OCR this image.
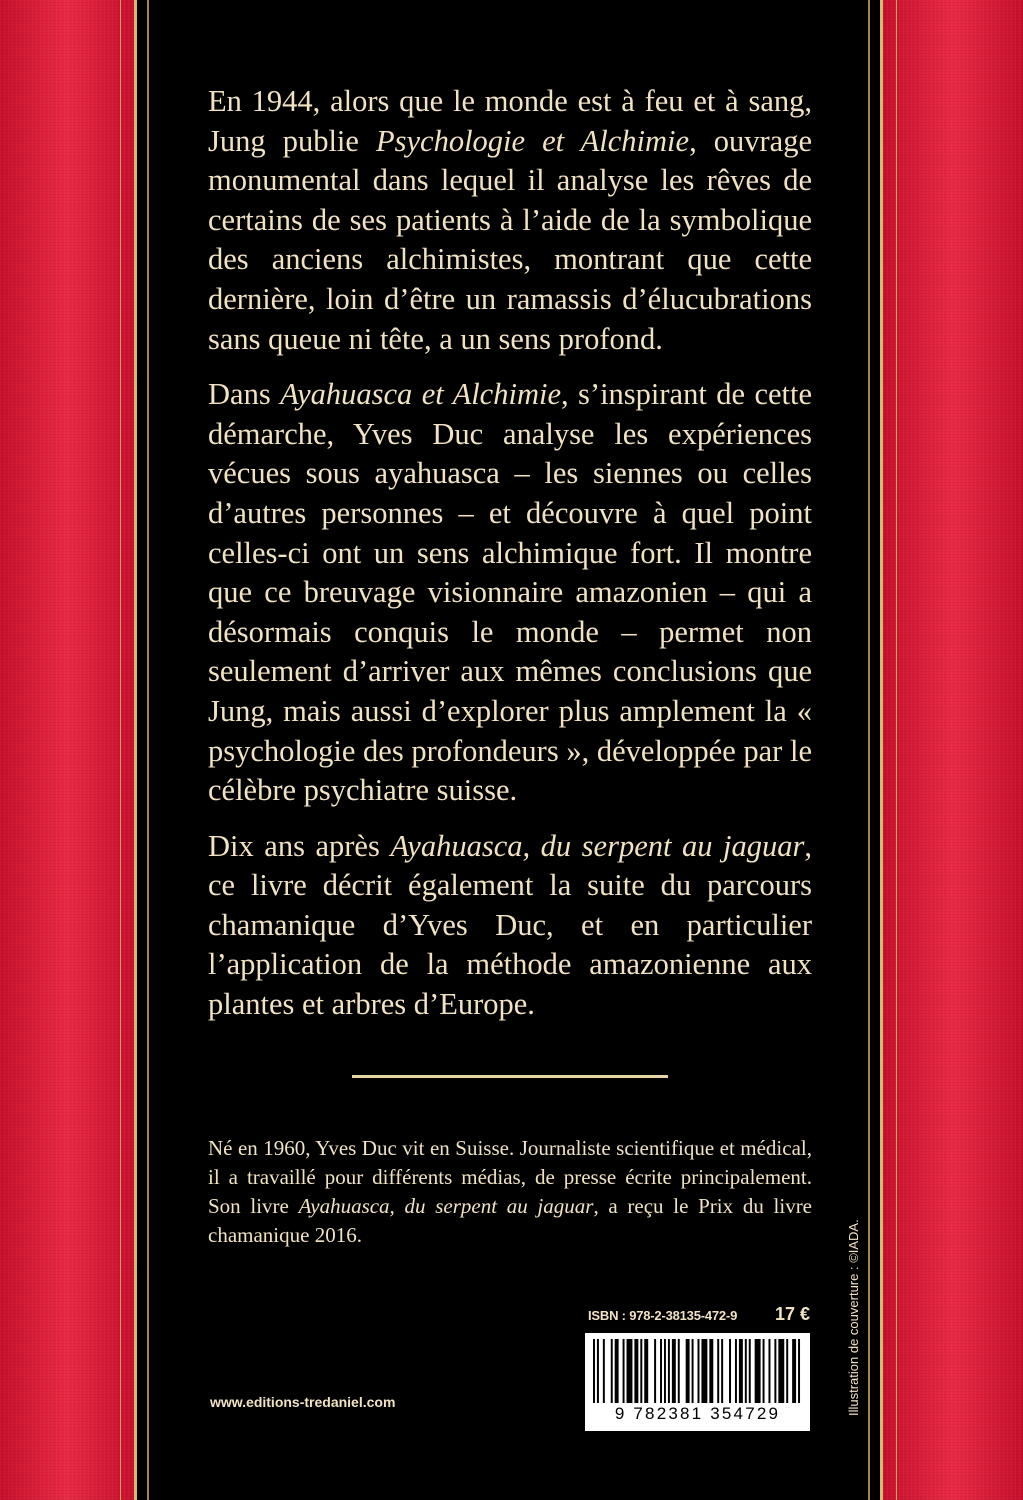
En 1944, alors que le monde est à feu et à sang, Jung publie Psychologie et Alchimie, ouvrage monumental dans lequel il analyse les rêves de certains de ses patients à l’aide de la symbolique des anciens alchimistes, montrant que cette dernière, loin d’être un ramassis d’élucubrations sans queue ni tête, a un sens profond.

Dans Ayahuasca et Alchimie, s’inspirant de cette démarche, Yves Duc analyse les expériences vécues sous ayahuasca – les siennes ou celles d’autres personnes – et découvre à quel point celles-ci ont un sens alchimique fort. Il montre que ce breuvage visionnaire amazonien – qui a désormais conquis le monde – permet non seulement d’arriver aux mêmes conclusions que Jung, mais aussi d’explorer plus amplement la « psychologie des profondeurs », développée par le célèbre psychiatre suisse.

Dix ans après Ayahuasca, du serpent au jaguar, ce livre décrit également la suite du parcours chamanique d’Yves Duc, et en particulier l’application de la méthode amazonienne aux plantes et arbres d’Europe.

Né en 1960, Yves Duc vit en Suisse. Journaliste scientifique et médical, il a travaillé pour différents médias, de presse écrite principalement. Son livre Ayahuasca, du serpent au jaguar, a reçu le Prix du livre chamanique 2016.

ISBN : 978-2-38135-472-9 17 €
9 782381 354729
www.editions-tredaniel.com	Illustration de couverture : ©IADA.
